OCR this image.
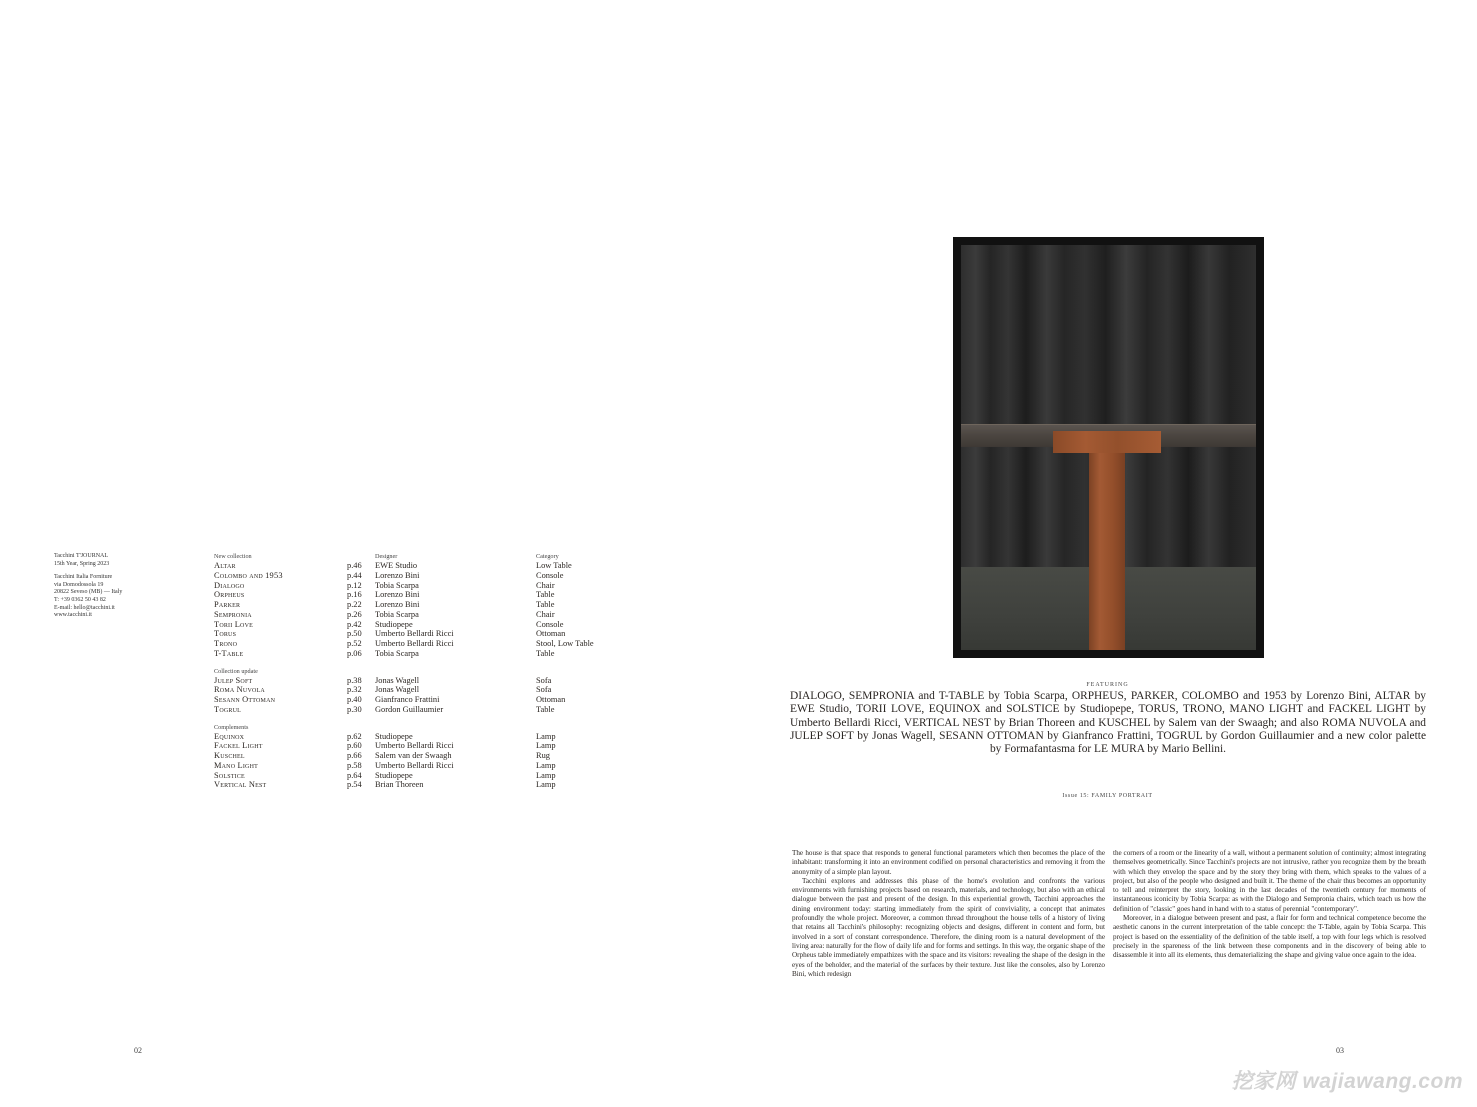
Tacchini T'JOURNAL
15th Year, Spring 2023
Tacchini Italia Forniture
via Domodossola 19
20822 Seveso (MB) — Italy
T: +39 0362 50 43 82
E-mail: hello@tacchini.it
www.tacchini.it
New collection	Designer	Category
Altar	p.46 EWE Studio	Low Table
Colombo and 1953	p.44 Lorenzo Bini	Console
Dialogo	p.12 Tobia Scarpa	Chair
Orpheus	p.16 Lorenzo Bini	Table
Parker	p.22 Lorenzo Bini	Table
Sempronia	p.26 Tobia Scarpa	Chair
Torii Love	p.42 Studiopepe	Console
Torus	p.50 Umberto Bellardi Ricci	Ottoman
Trono	p.52 Umberto Bellardi Ricci	Stool, Low Table
T-Table	p.06 Tobia Scarpa	Table
Collection update
Julep Soft	p.38 Jonas Wagell	Sofa
Roma Nuvola	p.32 Jonas Wagell	Sofa
Sesann Ottoman	p.40 Gianfranco Frattini	Ottoman
Togrul	p.30 Gordon Guillaumier	Table
Complements
Equinox	p.62 Studiopepe	Lamp
Fackel Light	p.60 Umberto Bellardi Ricci	Lamp
Kuschel	p.66 Salem van der Swaagh	Rug
Mano Light	p.58 Umberto Bellardi Ricci	Lamp
Solstice	p.64 Studiopepe	Lamp
Vertical Nest	p.54 Brian Thoreen	Lamp
02
FEATURING
DIALOGO, SEMPRONIA and T-TABLE by Tobia Scarpa, ORPHEUS, PARKER, COLOMBO and 1953 by Lorenzo Bini, ALTAR by EWE Studio, TORII LOVE, EQUINOX and SOLSTICE by Studiopepe, TORUS, TRONO, MANO LIGHT and FACKEL LIGHT by Umberto Bellardi Ricci, VERTICAL NEST by Brian Thoreen and KUSCHEL by Salem van der Swaagh; and also ROMA NUVOLA and JULEP SOFT by Jonas Wagell, SESANN OTTOMAN by Gianfranco Frattini, TOGRUL by Gordon Guillaumier and a new color palette by Formafantasma for LE MURA by Mario Bellini.
Issue 15: FAMILY PORTRAIT

The house is that space that responds to general functional parameters which then becomes the place of the inhabitant: transforming it into an environment codified on personal characteristics and removing it from the anonymity of a simple plan layout.

Tacchini explores and addresses this phase of the home's evolution and confronts the various environments with furnishing projects based on research, materials, and technology, but also with an ethical dialogue between the past and present of the design. In this experiential growth, Tacchini approaches the dining environment today: starting immediately from the spirit of conviviality, a concept that animates profoundly the whole project. Moreover, a common thread throughout the house tells of a history of living that retains all Tacchini's philosophy: recognizing objects and designs, different in content and form, but involved in a sort of constant correspondence. Therefore, the dining room is a natural development of the living area: naturally for the flow of daily life and for forms and settings. In this way, the organic shape of the Orpheus table immediately empathizes with the space and its visitors: revealing the shape of the design in the eyes of the beholder, and the material of the surfaces by their texture. Just like the consoles, also by Lorenzo Bini, which redesign

the corners of a room or the linearity of a wall, without a permanent solution of continuity; almost integrating themselves geometrically. Since Tacchini's projects are not intrusive, rather you recognize them by the breath with which they envelop the space and by the story they bring with them, which speaks to the values of a project, but also of the people who designed and built it. The theme of the chair thus becomes an opportunity to tell and reinterpret the story, looking in the last decades of the twentieth century for moments of instantaneous iconicity by Tobia Scarpa: as with the Dialogo and Sempronia chairs, which teach us how the definition of "classic" goes hand in hand with to a status of perennial "contemporary".

Moreover, in a dialogue between present and past, a flair for form and technical competence become the aesthetic canons in the current interpretation of the table concept: the T-Table, again by Tobia Scarpa. This project is based on the essentiality of the definition of the table itself, a top with four legs which is resolved precisely in the spareness of the link between these components and in the discovery of being able to disassemble it into all its elements, thus dematerializing the shape and giving value once again to the idea.

03
挖家网 wajiawang.com
